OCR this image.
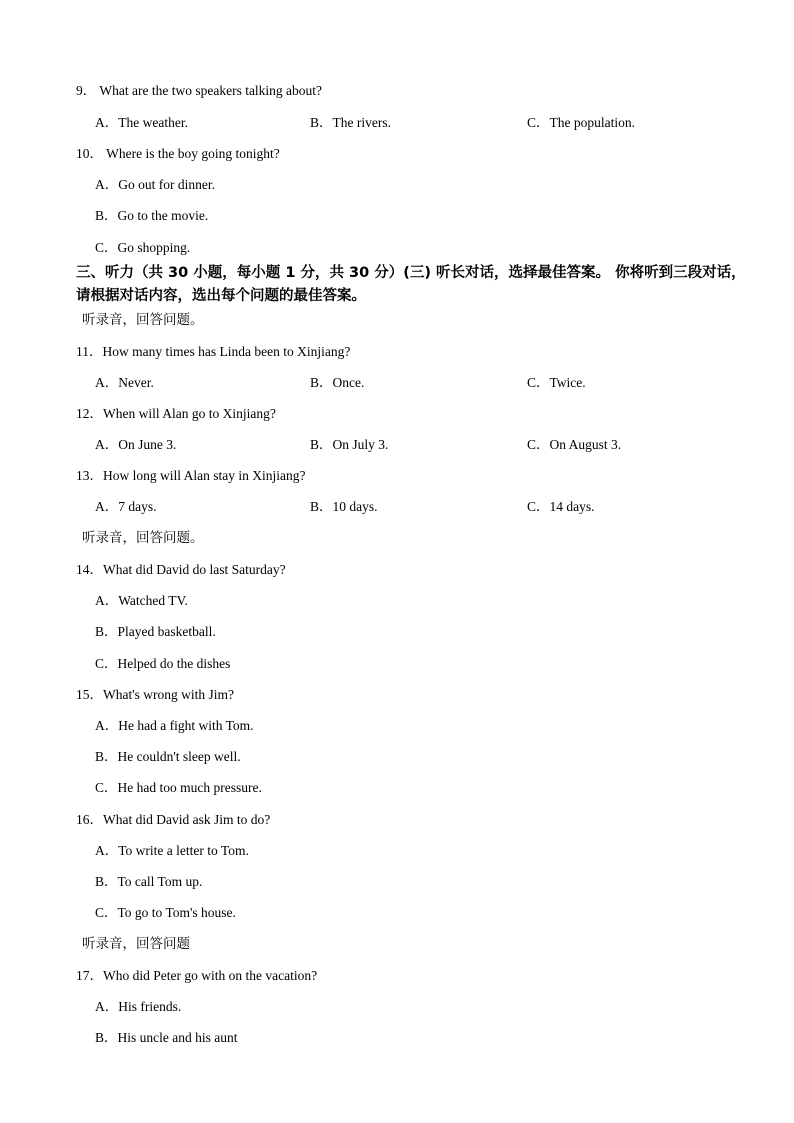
9． What are the two speakers talking about?
A．The weather.	B．The rivers.	C．The population.
10． Where is the boy going tonight?
A．Go out for dinner.
B．Go to the movie.
C．Go shopping.
三、听力（共 30 小题，每小题 1 分，共 30 分）(三) 听长对话，选择最佳答案。 你将听到三段对话，请根据对话内容，选出每个问题的最佳答案。
听录音，回答问题。
11．How many times has Linda been to Xinjiang?
A．Never.	B．Once.	C．Twice.
12．When will Alan go to Xinjiang?
A．On June 3.	B．On July 3.	C．On August 3.
13．How long will Alan stay in Xinjiang?
A．7 days.	B．10 days.	C．14 days.
听录音，回答问题。
14．What did David do last Saturday?
A．Watched TV.
B．Played basketball.
C．Helped do the dishes
15．What's wrong with Jim?
A．He had a fight with Tom.
B．He couldn't sleep well.
C．He had too much pressure.
16．What did David ask Jim to do?
A．To write a letter to Tom.
B．To call Tom up.
C．To go to Tom's house.
听录音，回答问题
17．Who did Peter go with on the vacation?
A．His friends.
B．His uncle and his aunt
